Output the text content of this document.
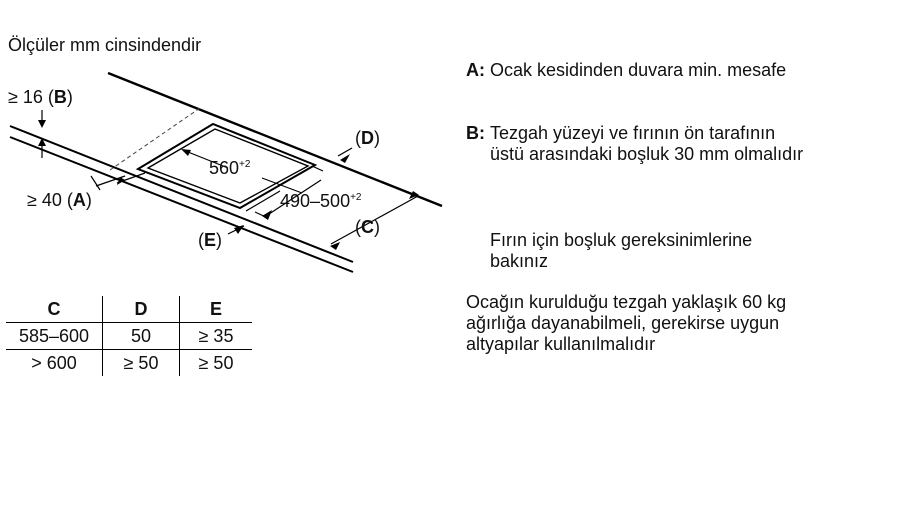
Ölçüler mm cinsindendir
≥ 16 (B)
≥ 40 (A)
(D)
(C)
(E)
$560^{+2}$
$490-500^{+2}$
C	D	E
585–600	50	≥ 35
> 600	≥ 50	≥ 50
A: Ocak kesidinden duvara min. mesafe
B: Tezgah yüzeyi ve fırının ön tarafının
üstü arasındaki boşluk 30 mm olmalıdır
Fırın için boşluk gereksinimlerine
bakınız
Ocağın kurulduğu tezgah yaklaşık 60 kg
ağırlığa dayanabilmeli, gerekirse uygun
altyapılar kullanılmalıdır
